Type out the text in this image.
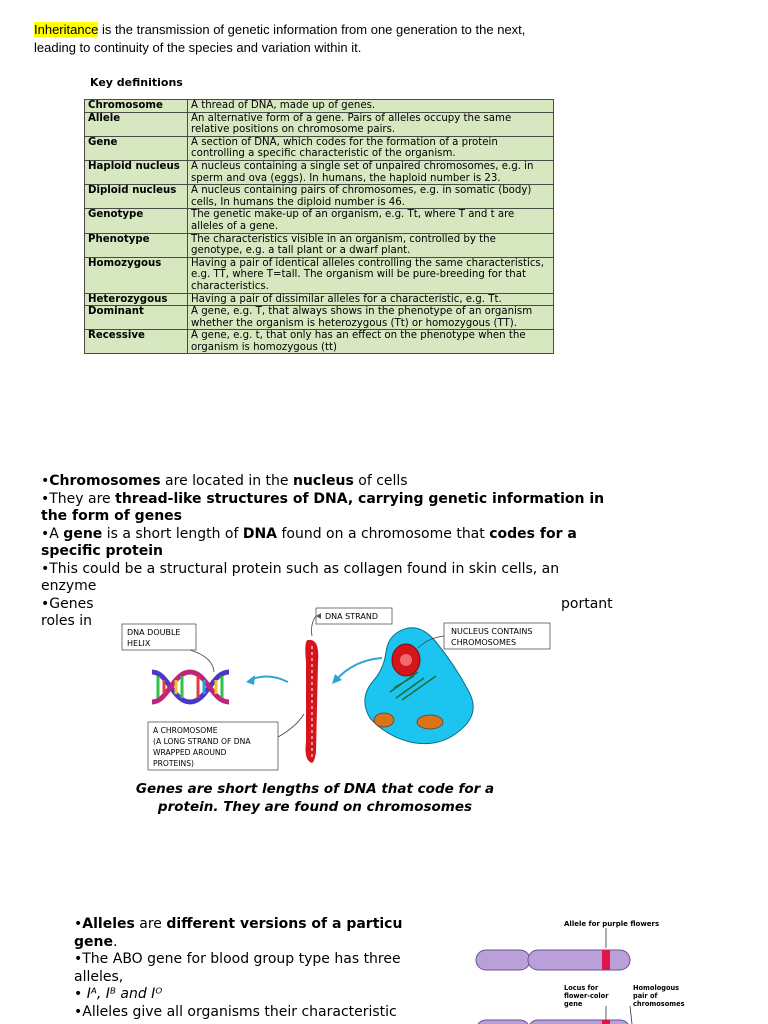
Inheritance is the transmission of genetic information from one generation to the next, leading to continuity of the species and variation within it.
Key definitions
Chromosome	A thread of DNA, made up of genes.
Allele	An alternative form of a gene. Pairs of alleles occupy the same relative positions on chromosome pairs.
Gene	A section of DNA, which codes for the formation of a protein controlling a specific characteristic of the organism.
Haploid nucleus	A nucleus containing a single set of unpaired chromosomes, e.g. in sperm and ova (eggs). In humans, the haploid number is 23.
Diploid nucleus	A nucleus containing pairs of chromosomes, e.g. in somatic (body) cells, In humans the diploid number is 46.
Genotype	The genetic make-up of an organism, e.g. Tt, where T and t are alleles of a gene.
Phenotype	The characteristics visible in an organism, controlled by the genotype, e.g. a tall plant or a dwarf plant.
Homozygous	Having a pair of identical alleles controlling the same characteristics, e.g. TT, where T=tall. The organism will be pure-breeding for that characteristics.
Heterozygous	Having a pair of dissimilar alleles for a characteristic, e.g. Tt.
Dominant	A gene, e.g. T, that always shows in the phenotype of an organism whether the organism is heterozygous (Tt) or homozygous (TT).
Recessive	A gene, e.g. t, that only has an effect on the phenotype when the organism is homozygous (tt)

•Chromosomes are located in the nucleus of cells

•They are thread-like structures of DNA, carrying genetic information in the form of genes

•A gene is a short length of DNA found on a chromosome that codes for a specific protein

•This could be a structural protein such as collagen found in skin cells, an enzyme

•Genes	portant

roles in

DNA DOUBLE
HELIX
DNA STRAND
A CHROMOSOME
(A LONG STRAND OF DNA
WRAPPED AROUND
PROTEINS)
NUCLEUS CONTAINS
CHROMOSOMES
Genes are short lengths of DNA that code for a protein. They are found on chromosomes

•Alleles are different versions of a particu

gene.

•The ABO gene for blood group type has three

alleles,

• Iᴬ, Iᴮ and Iᴼ

•Alleles give all organisms their characteristic

Allele for purple flowers
Locus for flower-color gene
Homologous pair of chromosomes
